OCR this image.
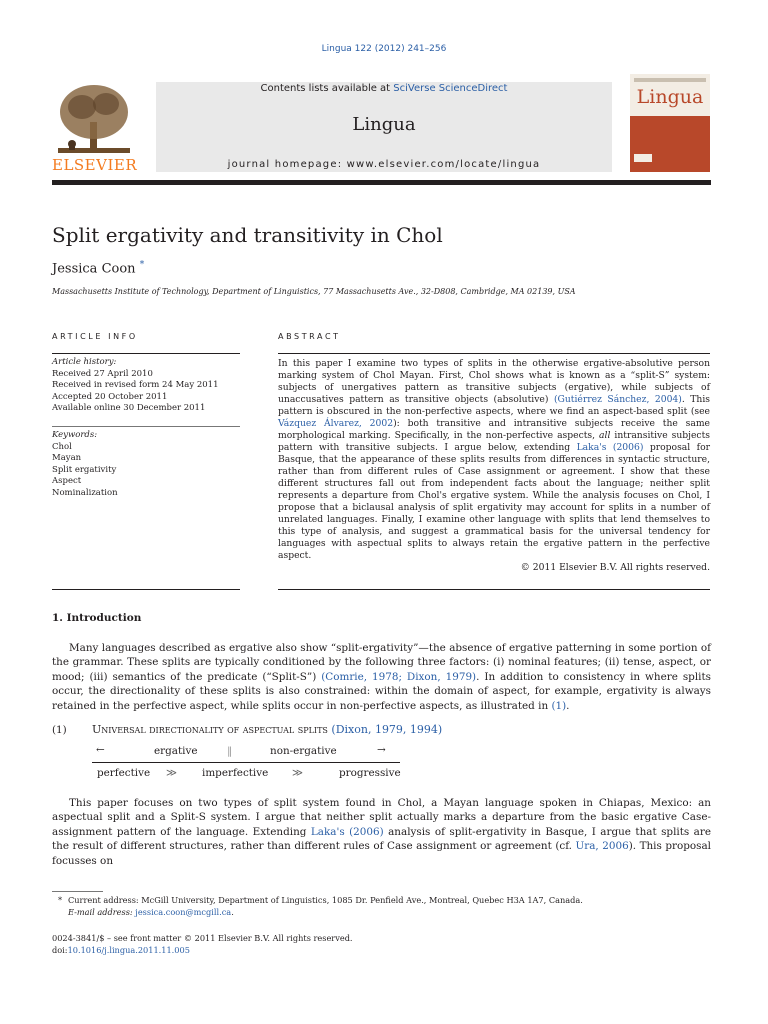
Lingua 122 (2012) 241–256
ELSEVIER
Contents lists available at SciVerse ScienceDirect
Lingua
journal homepage: www.elsevier.com/locate/lingua
Lingua
Split ergativity and transitivity in Chol
Jessica Coon *
Massachusetts Institute of Technology, Department of Linguistics, 77 Massachusetts Ave., 32-D808, Cambridge, MA 02139, USA
ARTICLE INFO
Article history:
Received 27 April 2010
Received in revised form 24 May 2011
Accepted 20 October 2011
Available online 30 December 2011
Keywords:
Chol
Mayan
Split ergativity
Aspect
Nominalization
ABSTRACT
In this paper I examine two types of splits in the otherwise ergative-absolutive person marking system of Chol Mayan. First, Chol shows what is known as a “split-S” system: subjects of unergatives pattern as transitive subjects (ergative), while subjects of unaccusatives pattern as transitive objects (absolutive) (Gutiérrez Sánchez, 2004). This pattern is obscured in the non-perfective aspects, where we find an aspect-based split (see Vázquez Álvarez, 2002): both transitive and intransitive subjects receive the same morphological marking. Specifically, in the non-perfective aspects, all intransitive subjects pattern with transitive subjects. I argue below, extending Laka's (2006) proposal for Basque, that the appearance of these splits results from differences in syntactic structure, rather than from different rules of Case assignment or agreement. I show that these different structures fall out from independent facts about the language; neither split represents a departure from Chol's ergative system. While the analysis focuses on Chol, I propose that a biclausal analysis of split ergativity may account for splits in a number of unrelated languages. Finally, I examine other language with splits that lend themselves to this type of analysis, and suggest a grammatical basis for the universal tendency for languages with aspectual splits to always retain the ergative pattern in the perfective aspect.
© 2011 Elsevier B.V. All rights reserved.
1. Introduction
Many languages described as ergative also show “split-ergativity”—the absence of ergative patterning in some portion of the grammar. These splits are typically conditioned by the following three factors: (i) nominal features; (ii) tense, aspect, or mood; (iii) semantics of the predicate (“Split-S”) (Comrie, 1978; Dixon, 1979). In addition to consistency in where splits occur, the directionality of these splits is also constrained: within the domain of aspect, for example, ergativity is always retained in the perfective aspect, while splits occur in non-perfective aspects, as illustrated in (1).
(1) Universal directionality of aspectual splits (Dixon, 1979, 1994)
←	ergative	‖	non-ergative	→
perfective ≫ imperfective ≫	progressive
This paper focuses on two types of split system found in Chol, a Mayan language spoken in Chiapas, Mexico: an aspectual split and a Split-S system. I argue that neither split actually marks a departure from the basic ergative Case-assignment pattern of the language. Extending Laka's (2006) analysis of split-ergativity in Basque, I argue that splits are the result of different structures, rather than different rules of Case assignment or agreement (cf. Ura, 2006). This proposal focusses on
* Current address: McGill University, Department of Linguistics, 1085 Dr. Penfield Ave., Montreal, Quebec H3A 1A7, Canada.
E-mail address: jessica.coon@mcgill.ca.
0024-3841/$ – see front matter © 2011 Elsevier B.V. All rights reserved.
doi:10.1016/j.lingua.2011.11.005
